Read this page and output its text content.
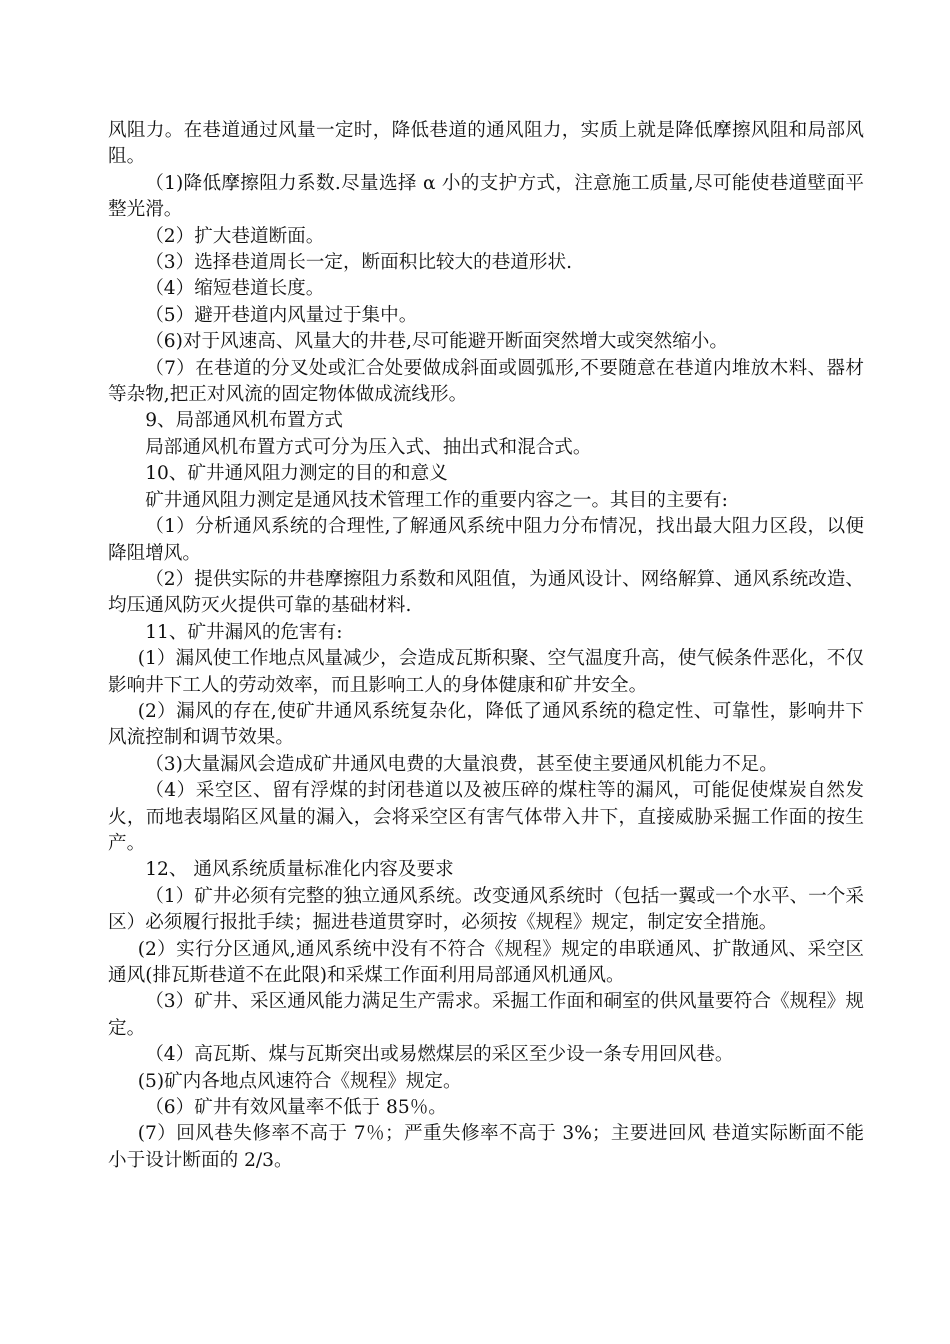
风阻力。在巷道通过风量一定时，降低巷道的通风阻力，实质上就是降低摩擦风阻和局部风阻。

（1)降低摩擦阻力系数.尽量选择 α 小的支护方式，注意施工质量,尽可能使巷道壁面平整光滑。

（2）扩大巷道断面。

（3）选择巷道周长一定，断面积比较大的巷道形状.

（4）缩短巷道长度。

（5）避开巷道内风量过于集中。

（6)对于风速高、风量大的井巷,尽可能避开断面突然增大或突然缩小。

（7）在巷道的分叉处或汇合处要做成斜面或圆弧形,不要随意在巷道内堆放木料、器材等杂物,把正对风流的固定物体做成流线形。

9、局部通风机布置方式

局部通风机布置方式可分为压入式、抽出式和混合式。

10、矿井通风阻力测定的目的和意义

矿井通风阻力测定是通风技术管理工作的重要内容之一。其目的主要有:

（1）分析通风系统的合理性,了解通风系统中阻力分布情况，找出最大阻力区段，以便降阻增风。

（2）提供实际的井巷摩擦阻力系数和风阻值，为通风设计、网络解算、通风系统改造、均压通风防灭火提供可靠的基础材料.

11、矿井漏风的危害有:

(1）漏风使工作地点风量减少，会造成瓦斯积聚、空气温度升高，使气候条件恶化，不仅影响井下工人的劳动效率，而且影响工人的身体健康和矿井安全。

(2）漏风的存在,使矿井通风系统复杂化，降低了通风系统的稳定性、可靠性，影响井下风流控制和调节效果。

（3)大量漏风会造成矿井通风电费的大量浪费，甚至使主要通风机能力不足。

（4）采空区、留有浮煤的封闭巷道以及被压碎的煤柱等的漏风，可能促使煤炭自然发火，而地表塌陷区风量的漏入，会将采空区有害气体带入井下，直接威胁采掘工作面的按生产。

12、 通风系统质量标准化内容及要求

（1）矿井必须有完整的独立通风系统。改变通风系统时（包括一翼或一个水平、一个采区）必须履行报批手续；掘进巷道贯穿时，必须按《规程》规定，制定安全措施。

(2）实行分区通风,通风系统中没有不符合《规程》规定的串联通风、扩散通风、采空区通风(排瓦斯巷道不在此限)和采煤工作面利用局部通风机通风。

（3）矿井、采区通风能力满足生产需求。采掘工作面和硐室的供风量要符合《规程》规定。

（4）高瓦斯、煤与瓦斯突出或易燃煤层的采区至少设一条专用回风巷。

(5)矿内各地点风速符合《规程》规定。

（6）矿井有效风量率不低于 85％。

(7）回风巷失修率不高于 7％；严重失修率不高于 3%；主要进回风 巷道实际断面不能小于设计断面的 2/3。
